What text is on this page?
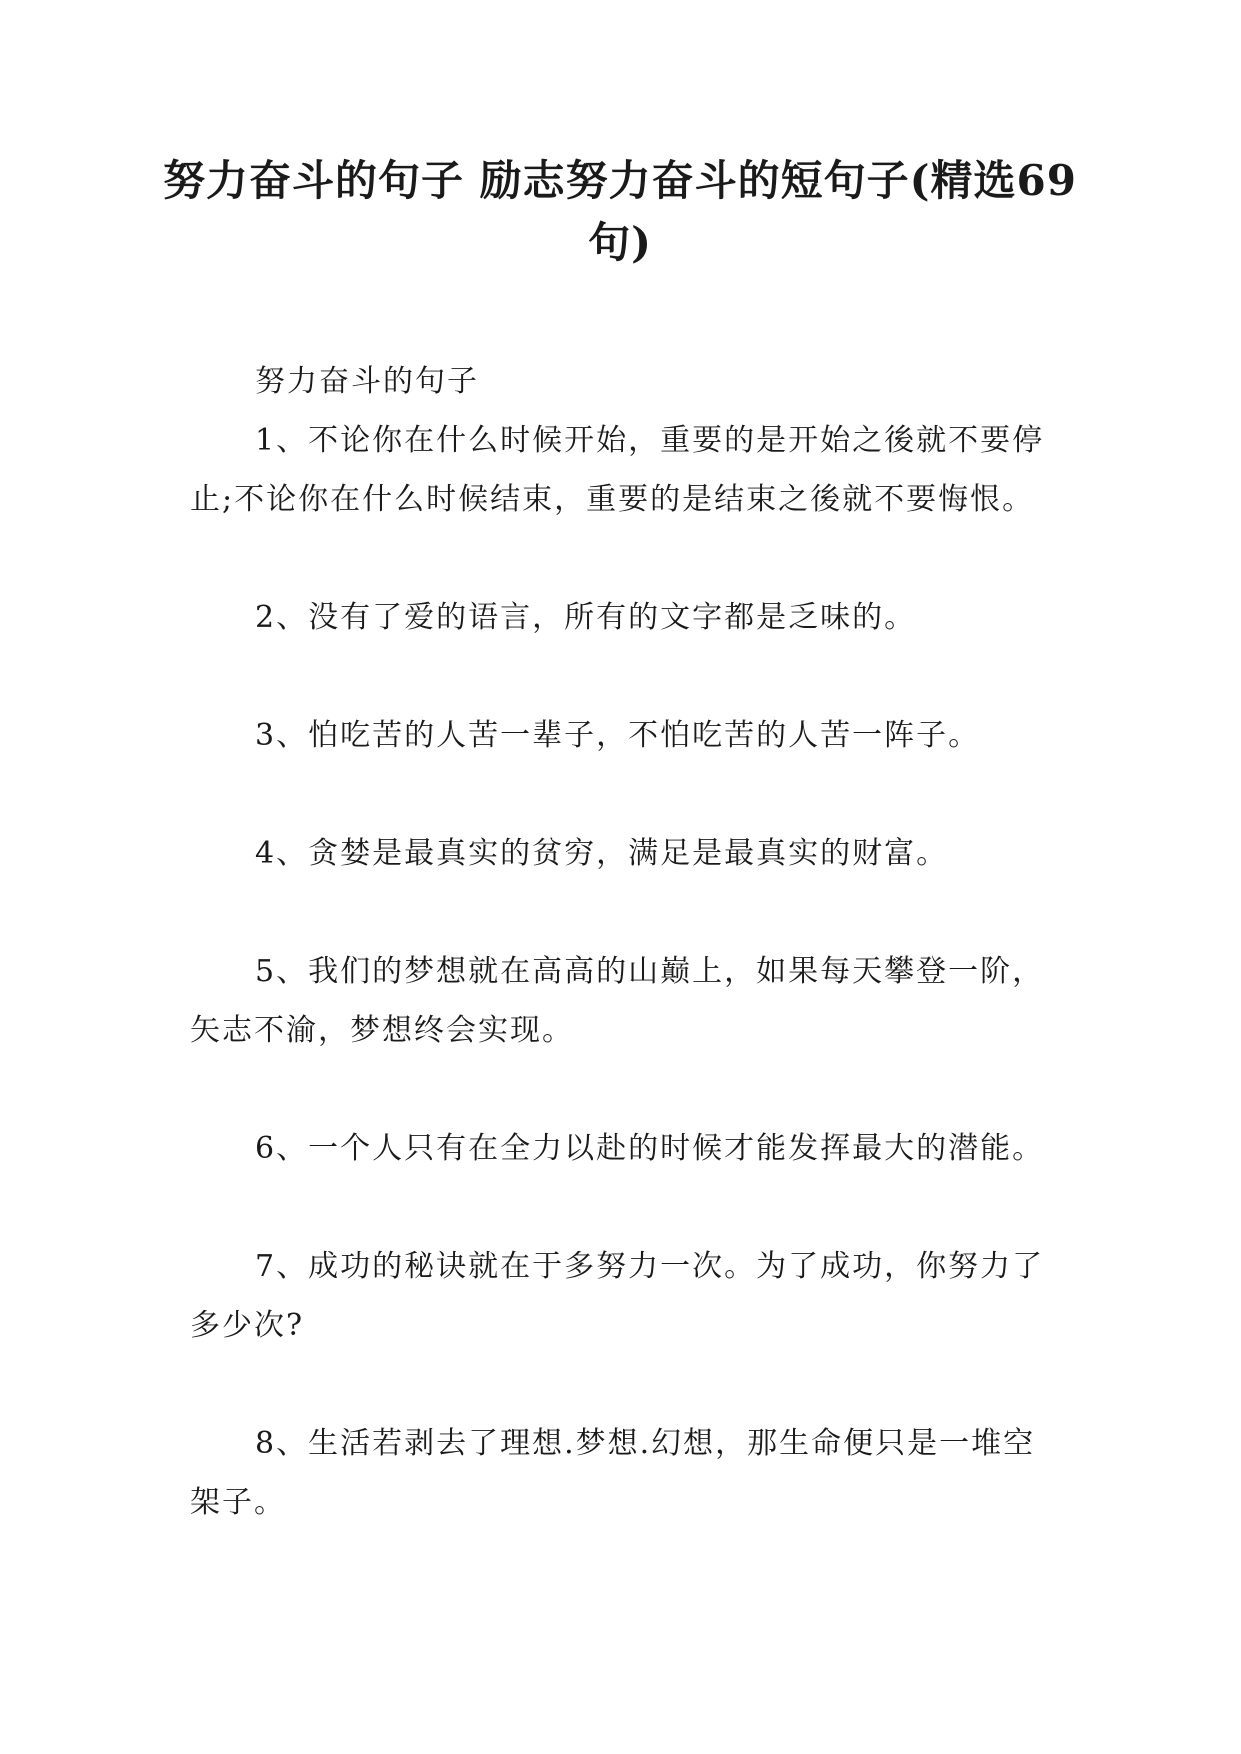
努力奋斗的句子 励志努力奋斗的短句子(精选69句)

努力奋斗的句子

1、不论你在什么时候开始，重要的是开始之後就不要停止;不论你在什么时候结束，重要的是结束之後就不要悔恨。

2、没有了爱的语言，所有的文字都是乏味的。

3、怕吃苦的人苦一辈子，不怕吃苦的人苦一阵子。

4、贪婪是最真实的贫穷，满足是最真实的财富。

5、我们的梦想就在高高的山巅上，如果每天攀登一阶，矢志不渝，梦想终会实现。

6、一个人只有在全力以赴的时候才能发挥最大的潜能。

7、成功的秘诀就在于多努力一次。为了成功，你努力了多少次?

8、生活若剥去了理想.梦想.幻想，那生命便只是一堆空架子。
